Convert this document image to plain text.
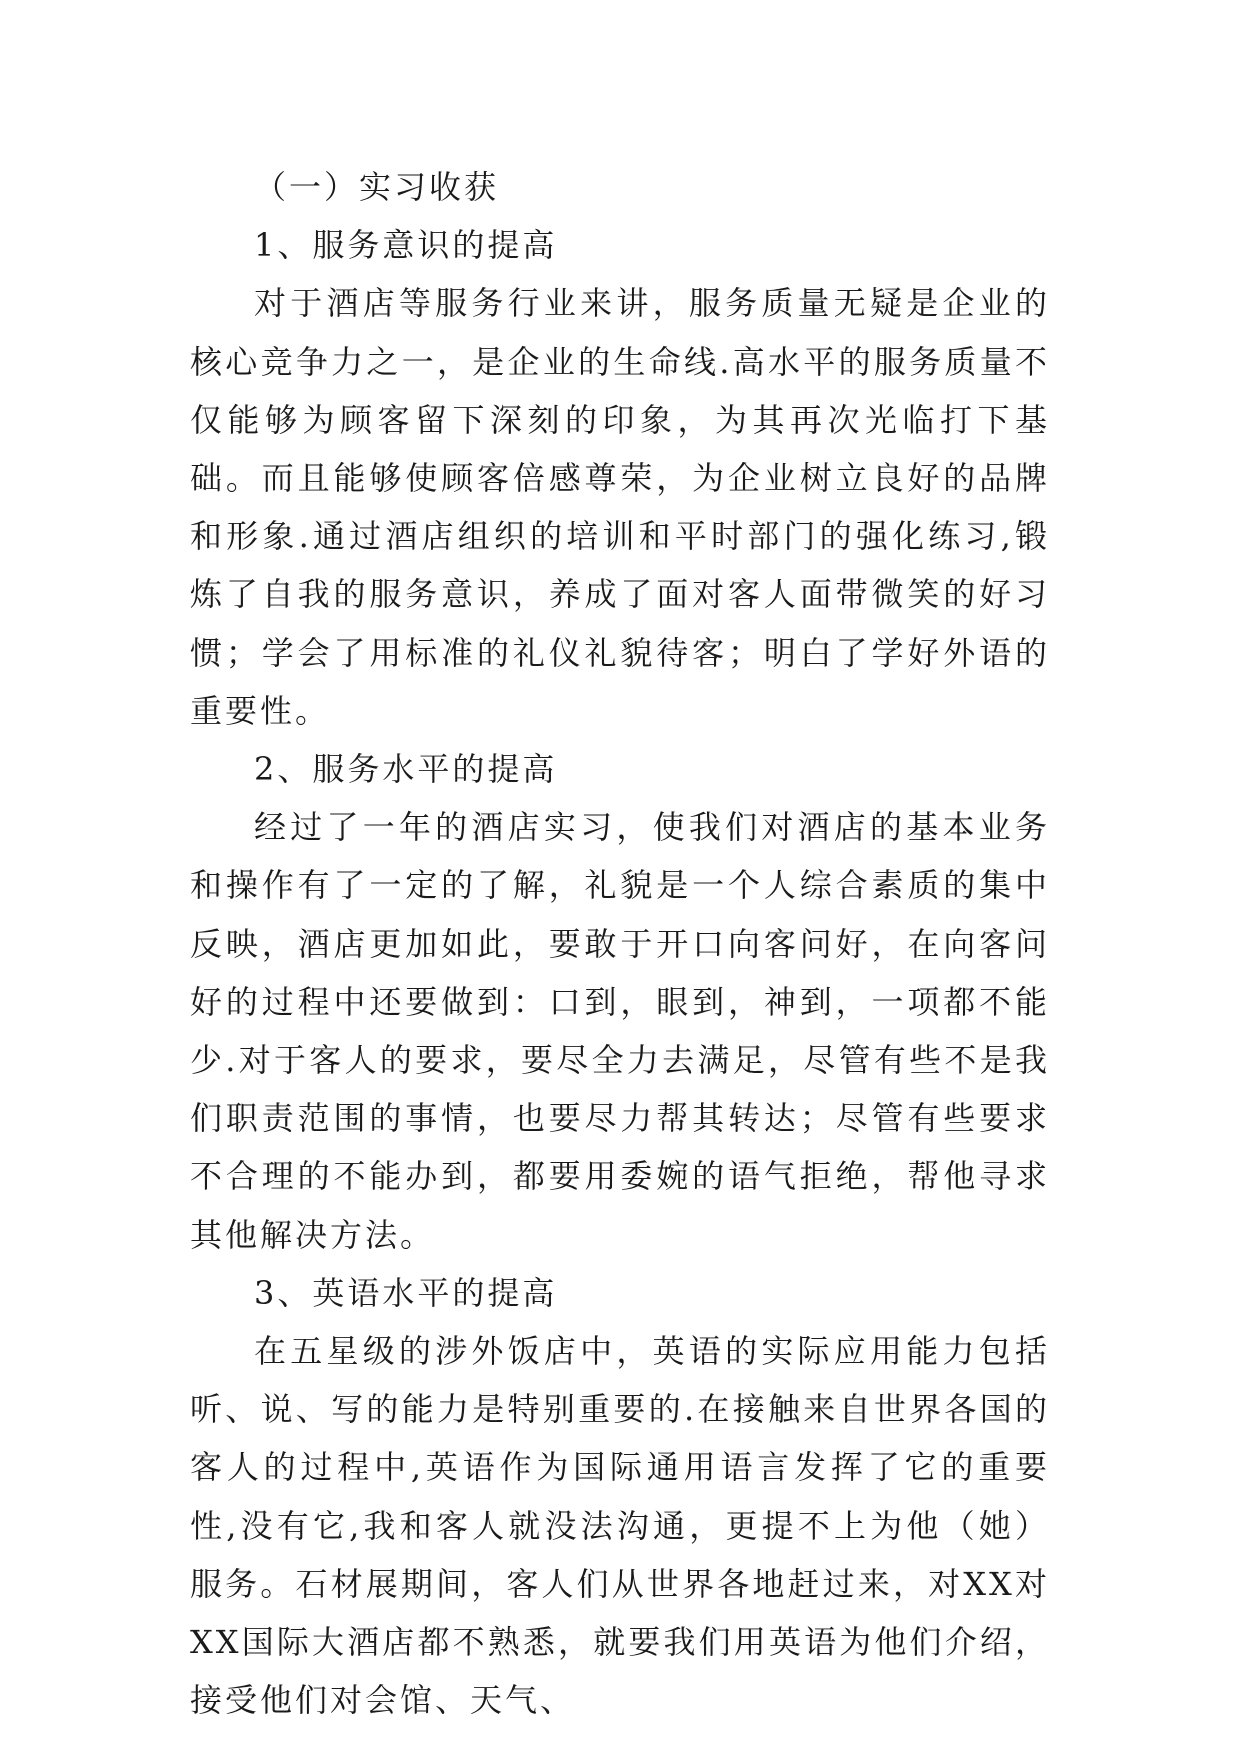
（一）实习收获

1、服务意识的提高

对于酒店等服务行业来讲，服务质量无疑是企业的核心竞争力之一，是企业的生命线.高水平的服务质量不仅能够为顾客留下深刻的印象，为其再次光临打下基础。而且能够使顾客倍感尊荣，为企业树立良好的品牌和形象.通过酒店组织的培训和平时部门的强化练习,锻炼了自我的服务意识，养成了面对客人面带微笑的好习惯；学会了用标准的礼仪礼貌待客；明白了学好外语的重要性。

2、服务水平的提高

经过了一年的酒店实习，使我们对酒店的基本业务和操作有了一定的了解，礼貌是一个人综合素质的集中反映，酒店更加如此，要敢于开口向客问好，在向客问好的过程中还要做到：口到，眼到，神到，一项都不能少.对于客人的要求，要尽全力去满足，尽管有些不是我们职责范围的事情，也要尽力帮其转达；尽管有些要求不合理的不能办到，都要用委婉的语气拒绝，帮他寻求其他解决方法。

3、英语水平的提高

在五星级的涉外饭店中，英语的实际应用能力包括听、说、写的能力是特别重要的.在接触来自世界各国的客人的过程中,英语作为国际通用语言发挥了它的重要性,没有它,我和客人就没法沟通，更提不上为他（她）服务。石材展期间，客人们从世界各地赶过来，对XX对XX国际大酒店都不熟悉，就要我们用英语为他们介绍，接受他们对会馆、天气、
